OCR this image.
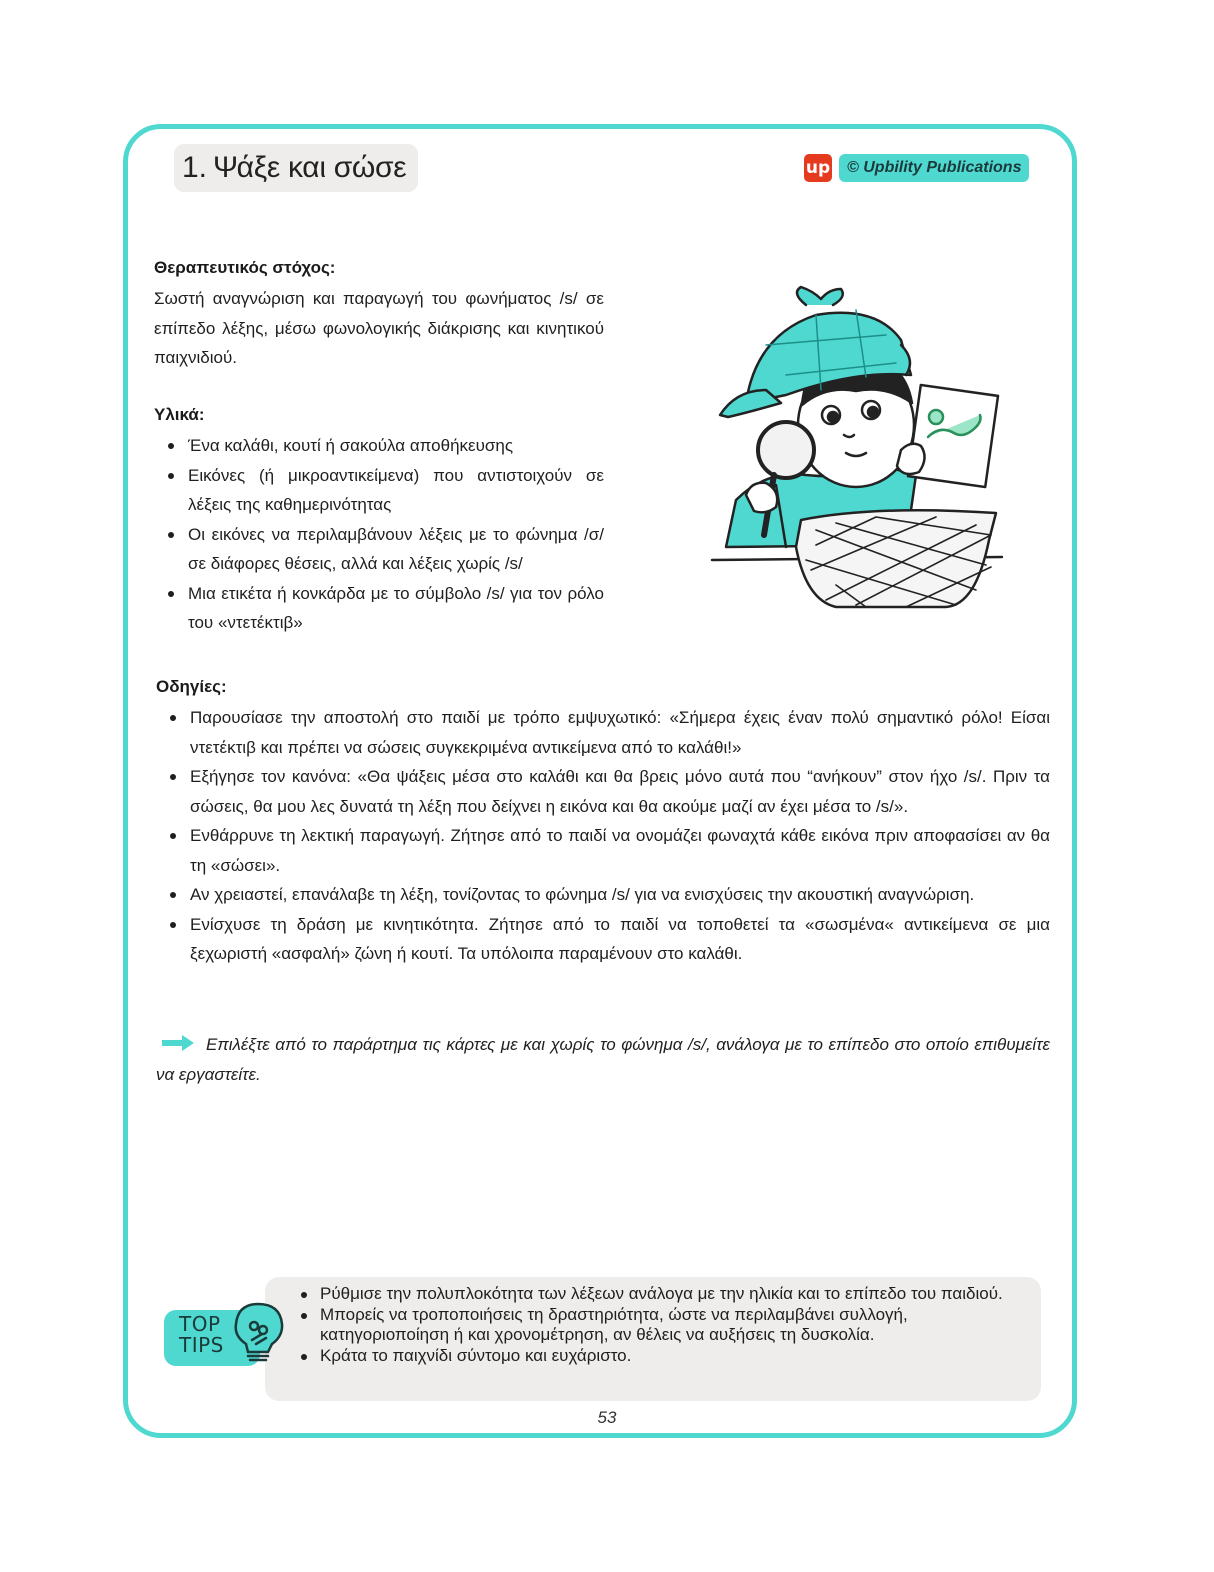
1. Ψάξε και σώσε	up	© Upbility Publications
Θεραπευτικός στόχος:
Σωστή αναγνώριση και παραγωγή του φωνήματος /s/ σε επίπεδο λέξης, μέσω φωνολογικής διάκρισης και κινητικού παιχνιδιού.
Υλικά:
Ένα καλάθι, κουτί ή σακούλα αποθήκευσης
Εικόνες (ή μικροαντικείμενα) που αντιστοιχούν σε λέξεις της καθημερινότητας
Οι εικόνες να περιλαμβάνουν λέξεις με το φώνημα /σ/ σε διάφορες θέσεις, αλλά και λέξεις χωρίς /s/
Μια ετικέτα ή κονκάρδα με το σύμβολο /s/ για τον ρόλο του «ντετέκτιβ»
Οδηγίες:
Παρουσίασε την αποστολή στο παιδί με τρόπο εμψυχωτικό: «Σήμερα έχεις έναν πολύ σημαντικό ρόλο! Είσαι ντετέκτιβ και πρέπει να σώσεις συγκεκριμένα αντικείμενα από το καλάθι!»
Εξήγησε τον κανόνα: «Θα ψάξεις μέσα στο καλάθι και θα βρεις μόνο αυτά που “ανήκουν” στον ήχο /s/. Πριν τα σώσεις, θα μου λες δυνατά τη λέξη που δείχνει η εικόνα και θα ακούμε μαζί αν έχει μέσα το /s/».
Ενθάρρυνε τη λεκτική παραγωγή. Ζήτησε από το παιδί να ονομάζει φωναχτά κάθε εικόνα πριν αποφασίσει αν θα τη «σώσει».
Αν χρειαστεί, επανάλαβε τη λέξη, τονίζοντας το φώνημα /s/ για να ενισχύσεις την ακουστική αναγνώριση.
Ενίσχυσε τη δράση με κινητικότητα. Ζήτησε από το παιδί να τοποθετεί τα «σωσμένα« αντικείμενα σε μια ξεχωριστή «ασφαλή» ζώνη ή κουτί. Τα υπόλοιπα παραμένουν στο καλάθι.
Επιλέξτε από το παράρτημα τις κάρτες με και χωρίς το φώνημα /s/, ανάλογα με το επίπεδο στο οποίο επιθυμείτε να εργαστείτε.
TOP
TIPS
Ρύθμισε την πολυπλοκότητα των λέξεων ανάλογα με την ηλικία και το επίπεδο του παιδιού.
Μπορείς να τροποποιήσεις τη δραστηριότητα, ώστε να περιλαμβάνει συλλογή, κατηγοριοποίηση ή και χρονομέτρηση, αν θέλεις να αυξήσεις τη δυσκολία.
Κράτα το παιχνίδι σύντομο και ευχάριστο.
53
